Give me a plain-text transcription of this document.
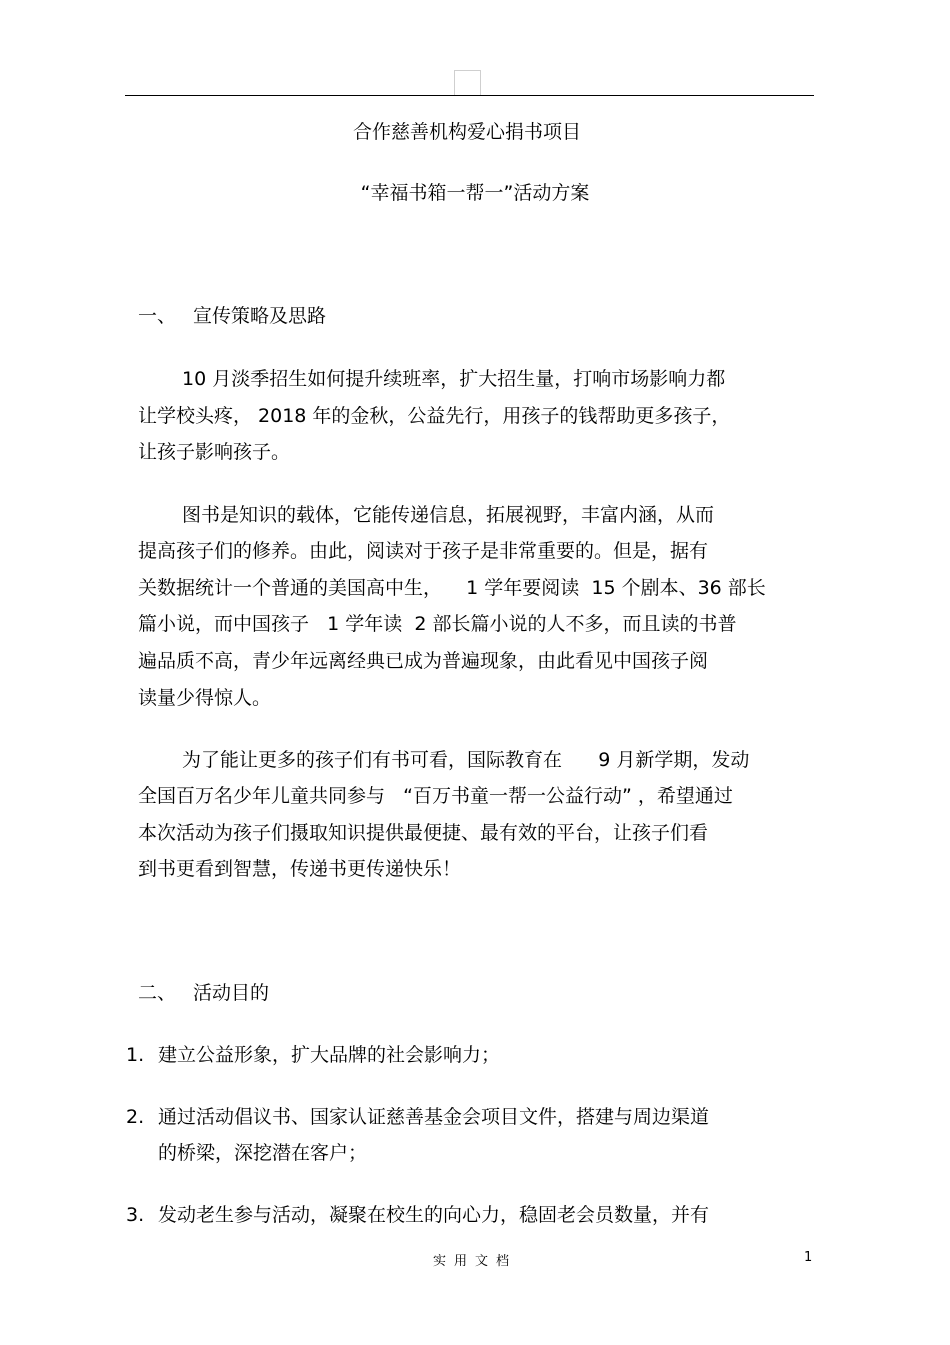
合作慈善机构爱心捐书项目
“幸福书箱一帮一”活动方案
一、 宣传策略及思路
10 月淡季招生如何提升续班率，扩大招生量，打响市场影响力都
让学校头疼， 2018 年的金秋，公益先行，用孩子的钱帮助更多孩子，
让孩子影响孩子。
图书是知识的载体，它能传递信息，拓展视野，丰富内涵，从而
提高孩子们的修养。由此，阅读对于孩子是非常重要的。但是，据有
关数据统计一个普通的美国高中生，    1 学年要阅读  15 个剧本、36 部长
篇小说，而中国孩子   1 学年读  2 部长篇小说的人不多，而且读的书普
遍品质不高，青少年远离经典已成为普遍现象，由此看见中国孩子阅
读量少得惊人。
为了能让更多的孩子们有书可看，国际教育在      9 月新学期，发动
全国百万名少年儿童共同参与   “百万书童一帮一公益行动” ，希望通过
本次活动为孩子们摄取知识提供最便捷、最有效的平台，让孩子们看
到书更看到智慧，传递书更传递快乐！
二、 活动目的
1. 建立公益形象，扩大品牌的社会影响力；
2. 通过活动倡议书、国家认证慈善基金会项目文件，搭建与周边渠道
的桥梁，深挖潜在客户；
3. 发动老生参与活动，凝聚在校生的向心力，稳固老会员数量，并有
实用文档	1
